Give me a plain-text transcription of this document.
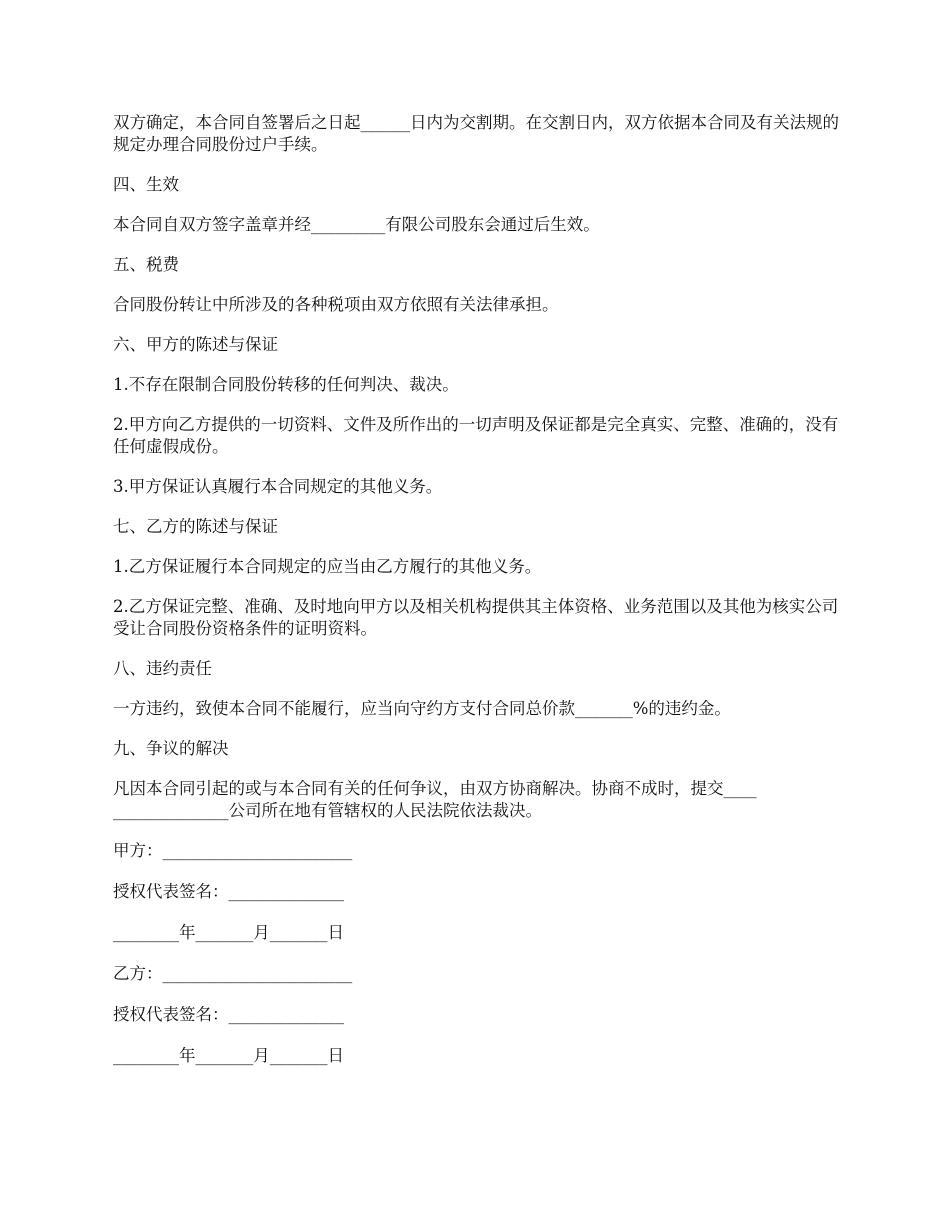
双方确定，本合同自签署后之日起______日内为交割期。在交割日内，双方依据本合同及有关法规的规定办理合同股份过户手续。

四、生效

本合同自双方签字盖章并经_________有限公司股东会通过后生效。

五、税费

合同股份转让中所涉及的各种税项由双方依照有关法律承担。

六、甲方的陈述与保证

1.不存在限制合同股份转移的任何判决、裁决。

2.甲方向乙方提供的一切资料、文件及所作出的一切声明及保证都是完全真实、完整、准确的，没有任何虚假成份。

3.甲方保证认真履行本合同规定的其他义务。

七、乙方的陈述与保证

1.乙方保证履行本合同规定的应当由乙方履行的其他义务。

2.乙方保证完整、准确、及时地向甲方以及相关机构提供其主体资格、业务范围以及其他为核实公司受让合同股份资格条件的证明资料。

八、违约责任

一方违约，致使本合同不能履行，应当向守约方支付合同总价款_______%的违约金。

九、争议的解决

凡因本合同引起的或与本合同有关的任何争议，由双方协商解决。协商不成时，提交____
______________公司所在地有管辖权的人民法院依法裁决。

甲方：_______________________

授权代表签名：______________

________年_______月_______日

乙方：_______________________

授权代表签名：______________

________年_______月_______日
